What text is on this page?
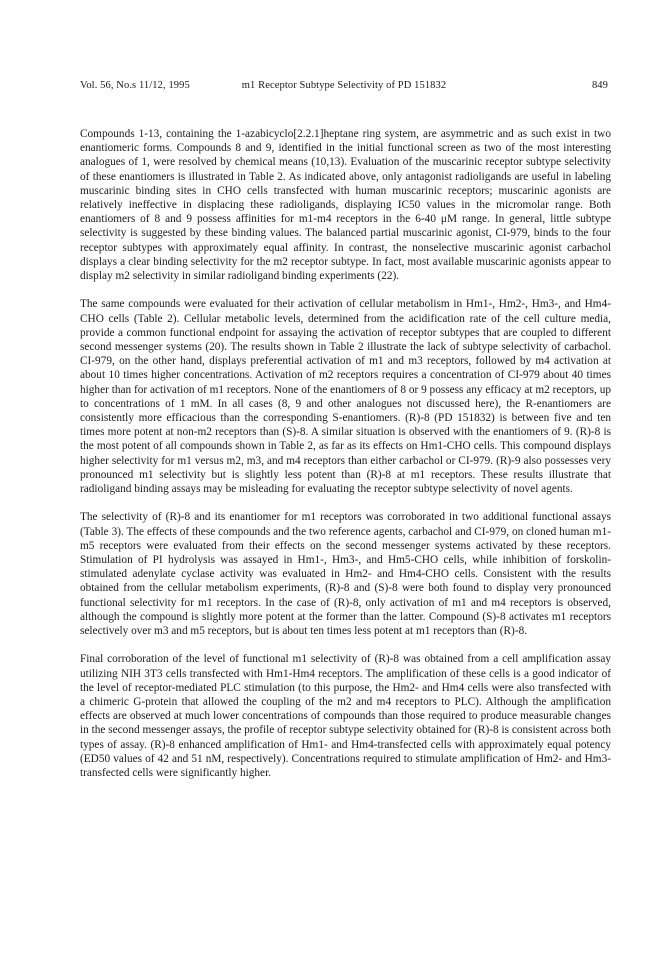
Vol. 56, No.s 11/12, 1995	m1 Receptor Subtype Selectivity of PD 151832	849

Compounds 1-13, containing the 1-azabicyclo[2.2.1]heptane ring system, are asymmetric and as such exist in two enantiomeric forms. Compounds 8 and 9, identified in the initial functional screen as two of the most interesting analogues of 1, were resolved by chemical means (10,13). Evaluation of the muscarinic receptor subtype selectivity of these enantiomers is illustrated in Table 2. As indicated above, only antagonist radioligands are useful in labeling muscarinic binding sites in CHO cells transfected with human muscarinic receptors; muscarinic agonists are relatively ineffective in displacing these radioligands, displaying IC50 values in the micromolar range. Both enantiomers of 8 and 9 possess affinities for m1-m4 receptors in the 6-40 μM range. In general, little subtype selectivity is suggested by these binding values. The balanced partial muscarinic agonist, CI-979, binds to the four receptor subtypes with approximately equal affinity. In contrast, the nonselective muscarinic agonist carbachol displays a clear binding selectivity for the m2 receptor subtype. In fact, most available muscarinic agonists appear to display m2 selectivity in similar radioligand binding experiments (22).

The same compounds were evaluated for their activation of cellular metabolism in Hm1-, Hm2-, Hm3-, and Hm4-CHO cells (Table 2). Cellular metabolic levels, determined from the acidification rate of the cell culture media, provide a common functional endpoint for assaying the activation of receptor subtypes that are coupled to different second messenger systems (20). The results shown in Table 2 illustrate the lack of subtype selectivity of carbachol. CI-979, on the other hand, displays preferential activation of m1 and m3 receptors, followed by m4 activation at about 10 times higher concentrations. Activation of m2 receptors requires a concentration of CI-979 about 40 times higher than for activation of m1 receptors. None of the enantiomers of 8 or 9 possess any efficacy at m2 receptors, up to concentrations of 1 mM. In all cases (8, 9 and other analogues not discussed here), the R-enantiomers are consistently more efficacious than the corresponding S-enantiomers. (R)-8 (PD 151832) is between five and ten times more potent at non-m2 receptors than (S)-8. A similar situation is observed with the enantiomers of 9. (R)-8 is the most potent of all compounds shown in Table 2, as far as its effects on Hm1-CHO cells. This compound displays higher selectivity for m1 versus m2, m3, and m4 receptors than either carbachol or CI-979. (R)-9 also possesses very pronounced m1 selectivity but is slightly less potent than (R)-8 at m1 receptors. These results illustrate that radioligand binding assays may be misleading for evaluating the receptor subtype selectivity of novel agents.

The selectivity of (R)-8 and its enantiomer for m1 receptors was corroborated in two additional functional assays (Table 3). The effects of these compounds and the two reference agents, carbachol and CI-979, on cloned human m1-m5 receptors were evaluated from their effects on the second messenger systems activated by these receptors. Stimulation of PI hydrolysis was assayed in Hm1-, Hm3-, and Hm5-CHO cells, while inhibition of forskolin-stimulated adenylate cyclase activity was evaluated in Hm2- and Hm4-CHO cells. Consistent with the results obtained from the cellular metabolism experiments, (R)-8 and (S)-8 were both found to display very pronounced functional selectivity for m1 receptors. In the case of (R)-8, only activation of m1 and m4 receptors is observed, although the compound is slightly more potent at the former than the latter. Compound (S)-8 activates m1 receptors selectively over m3 and m5 receptors, but is about ten times less potent at m1 receptors than (R)-8.

Final corroboration of the level of functional m1 selectivity of (R)-8 was obtained from a cell amplification assay utilizing NIH 3T3 cells transfected with Hm1-Hm4 receptors. The amplification of these cells is a good indicator of the level of receptor-mediated PLC stimulation (to this purpose, the Hm2- and Hm4 cells were also transfected with a chimeric G-protein that allowed the coupling of the m2 and m4 receptors to PLC). Although the amplification effects are observed at much lower concentrations of compounds than those required to produce measurable changes in the second messenger assays, the profile of receptor subtype selectivity obtained for (R)-8 is consistent across both types of assay. (R)-8 enhanced amplification of Hm1- and Hm4-transfected cells with approximately equal potency (ED50 values of 42 and 51 nM, respectively). Concentrations required to stimulate amplification of Hm2- and Hm3-transfected cells were significantly higher.
